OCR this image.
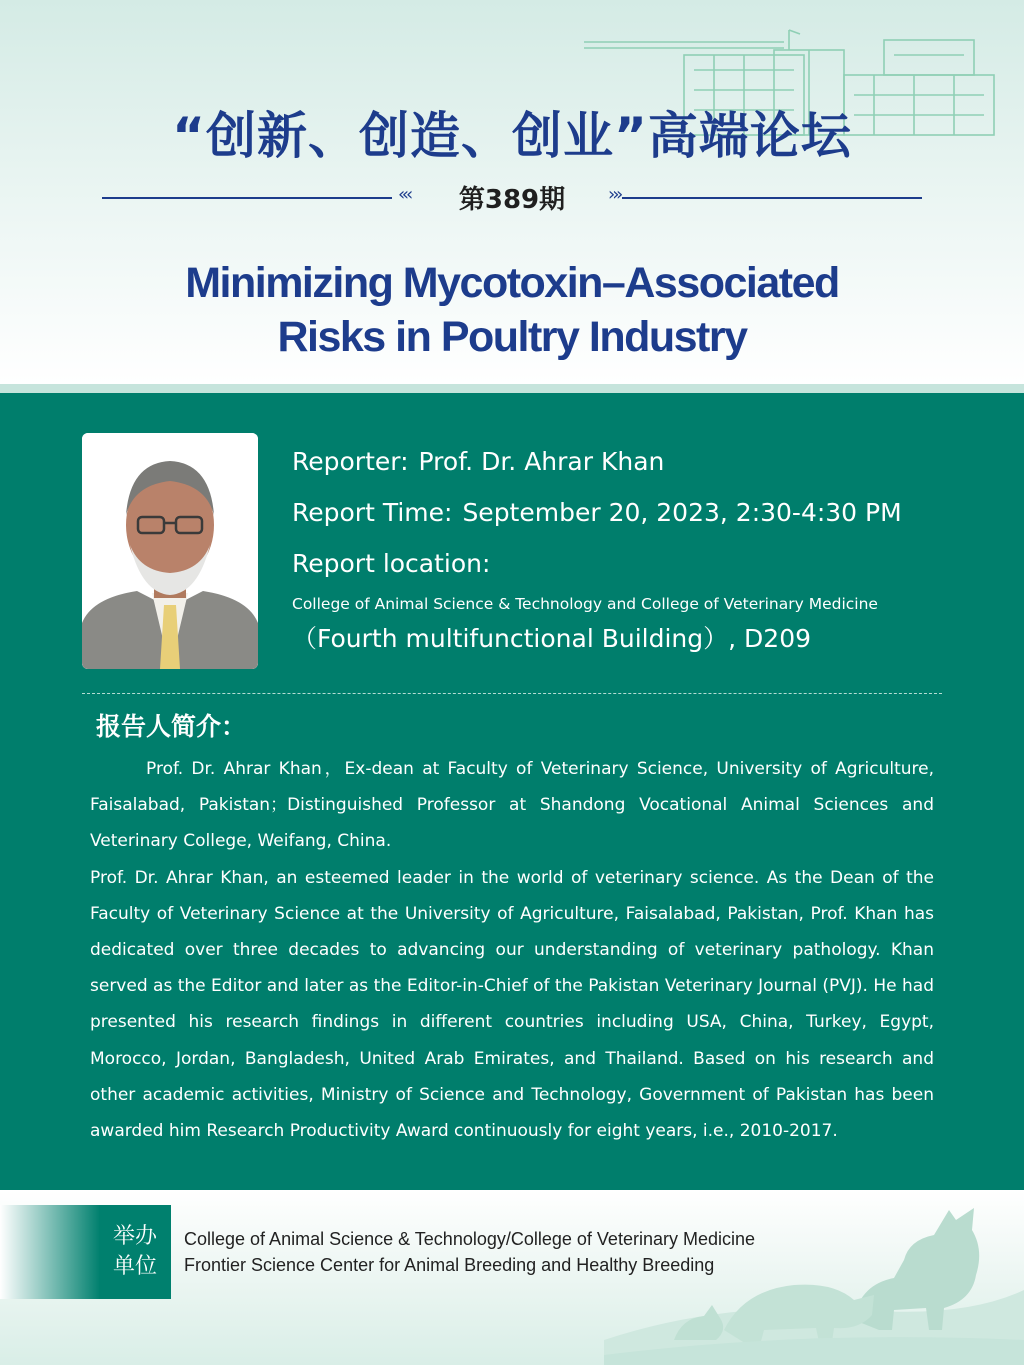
“创新、创造、创业”高端论坛
«‹	第389期	›»
Minimizing Mycotoxin–Associated
Risks in Poultry Industry
Reporter: Prof. Dr. Ahrar Khan
Report Time: September 20, 2023, 2:30-4:30 PM
Report location:
College of Animal Science & Technology and College of Veterinary Medicine
（Fourth multifunctional Building）, D209
报告人简介：

Prof. Dr. Ahrar Khan，Ex-dean at Faculty of Veterinary Science, University of Agriculture, Faisalabad, Pakistan；Distinguished Professor at Shandong Vocational Animal Sciences and Veterinary College, Weifang, China.

Prof. Dr. Ahrar Khan, an esteemed leader in the world of veterinary science. As the Dean of the Faculty of Veterinary Science at the University of Agriculture, Faisalabad, Pakistan, Prof. Khan has dedicated over three decades to advancing our understanding of veterinary pathology. Khan served as the Editor and later as the Editor-in-Chief of the Pakistan Veterinary Journal (PVJ). He had presented his research findings in different countries including USA, China, Turkey, Egypt, Morocco, Jordan, Bangladesh, United Arab Emirates, and Thailand. Based on his research and other academic activities, Ministry of Science and Technology, Government of Pakistan has been awarded him Research Productivity Award continuously for eight years, i.e., 2010-2017.

举办
单位
College of Animal Science & Technology/College of Veterinary Medicine
Frontier Science Center for Animal Breeding and Healthy Breeding
